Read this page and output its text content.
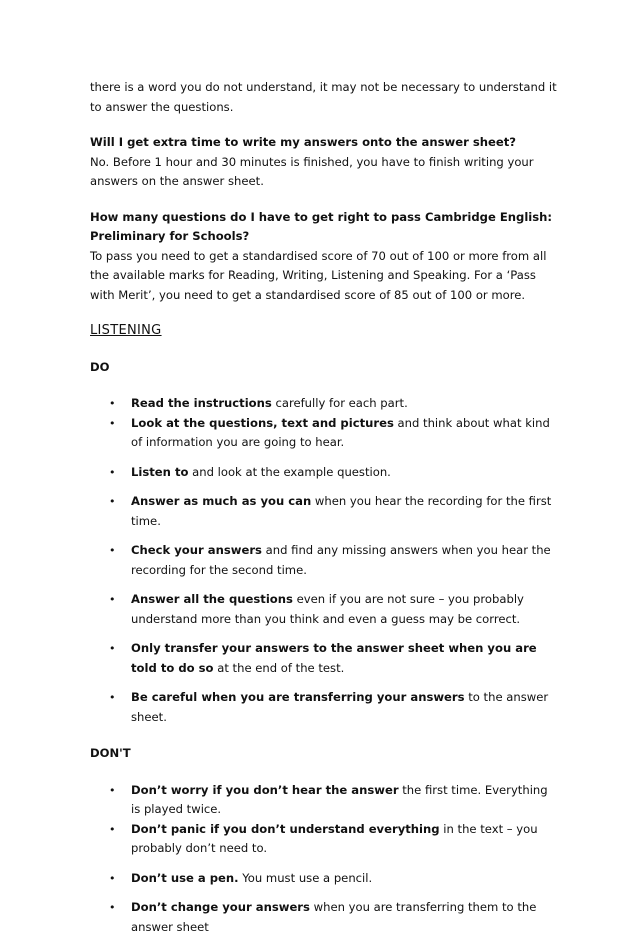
there is a word you do not understand, it may not be necessary to understand it to answer the questions.

Will I get extra time to write my answers onto the answer sheet?

No. Before 1 hour and 30 minutes is finished, you have to finish writing your answers on the answer sheet.

How many questions do I have to get right to pass Cambridge English: Preliminary for Schools?

To pass you need to get a standardised score of 70 out of 100 or more from all the available marks for Reading, Writing, Listening and Speaking. For a ‘Pass with Merit’, you need to get a standardised score of 85 out of 100 or more.

LISTENING

DO

• Read the instructions carefully for each part.
• Look at the questions, text and pictures and think about what kind of information you are going to hear.
• Listen to and look at the example question.
• Answer as much as you can when you hear the recording for the first time.
• Check your answers and find any missing answers when you hear the recording for the second time.
• Answer all the questions even if you are not sure – you probably understand more than you think and even a guess may be correct.
• Only transfer your answers to the answer sheet when you are told to do so at the end of the test.
• Be careful when you are transferring your answers to the answer sheet.

DON'T

• Don’t worry if you don’t hear the answer the first time. Everything is played twice.
• Don’t panic if you don’t understand everything in the text – you probably don’t need to.
• Don’t use a pen. You must use a pencil.
• Don’t change your answers when you are transferring them to the answer sheet
